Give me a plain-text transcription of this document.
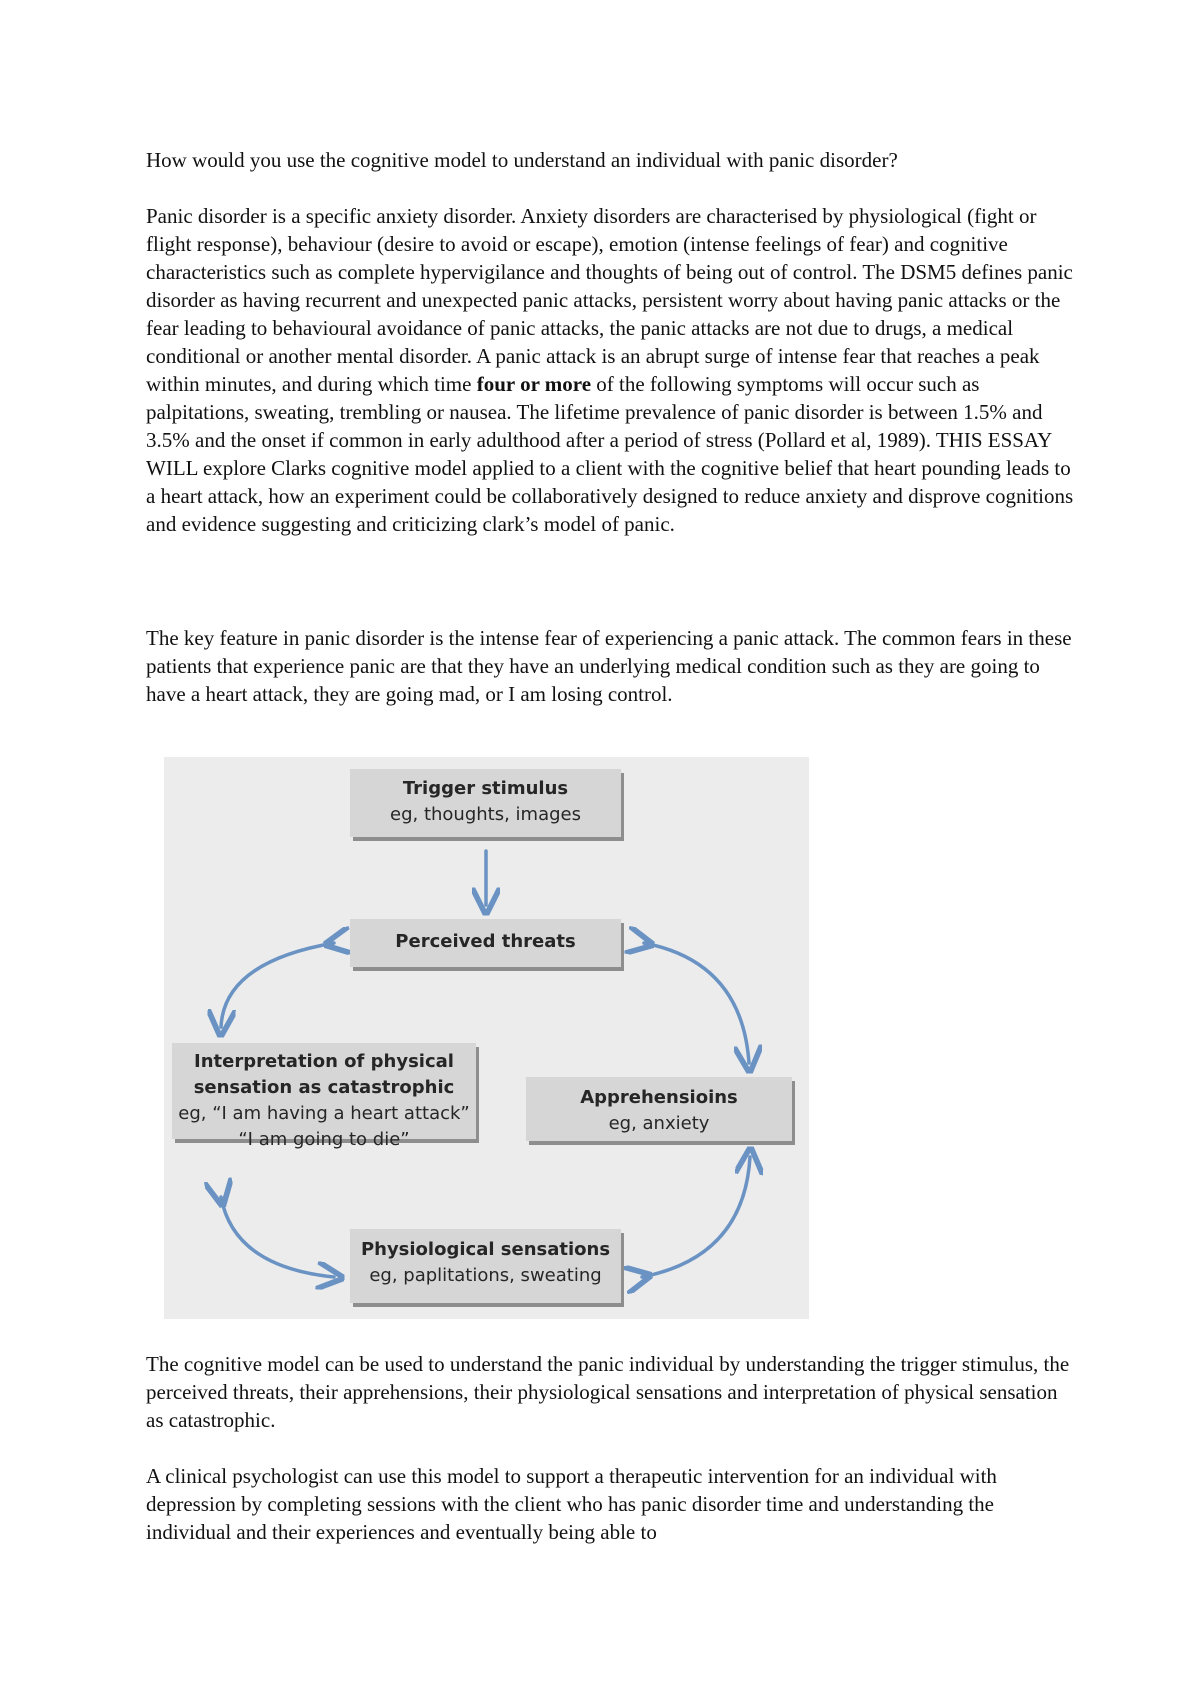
How would you use the cognitive model to understand an individual with panic disorder?

Panic disorder is a specific anxiety disorder. Anxiety disorders are characterised by physiological (fight or flight response), behaviour (desire to avoid or escape), emotion (intense feelings of fear) and cognitive characteristics such as complete hypervigilance and thoughts of being out of control. The DSM5 defines panic disorder as having recurrent and unexpected panic attacks, persistent worry about having panic attacks or the fear leading to behavioural avoidance of panic attacks, the panic attacks are not due to drugs, a medical conditional or another mental disorder. A panic attack is an abrupt surge of intense fear that reaches a peak within minutes, and during which time four or more of the following symptoms will occur such as palpitations, sweating, trembling or nausea. The lifetime prevalence of panic disorder is between 1.5% and 3.5% and the onset if common in early adulthood after a period of stress (Pollard et al, 1989). THIS ESSAY WILL explore Clarks cognitive model applied to a client with the cognitive belief that heart pounding leads to a heart attack, how an experiment could be collaboratively designed to reduce anxiety and disprove cognitions and evidence suggesting and criticizing clark’s model of panic.

The key feature in panic disorder is the intense fear of experiencing a panic attack. The common fears in these patients that experience panic are that they have an underlying medical condition such as they are going to have a heart attack, they are going mad, or I am losing control.

Trigger stimulus
eg, thoughts, images
Perceived threats
Interpretation of physical
sensation as catastrophic
eg, “I am having a heart attack”
“I am going to die”
Apprehensioins
eg, anxiety
Physiological sensations
eg, paplitations, sweating

The cognitive model can be used to understand the panic individual by understanding the trigger stimulus, the perceived threats, their apprehensions, their physiological sensations and interpretation of physical sensation as catastrophic.

A clinical psychologist can use this model to support a therapeutic intervention for an individual with depression by completing sessions with the client who has panic disorder time and understanding the individual and their experiences and eventually being able to
